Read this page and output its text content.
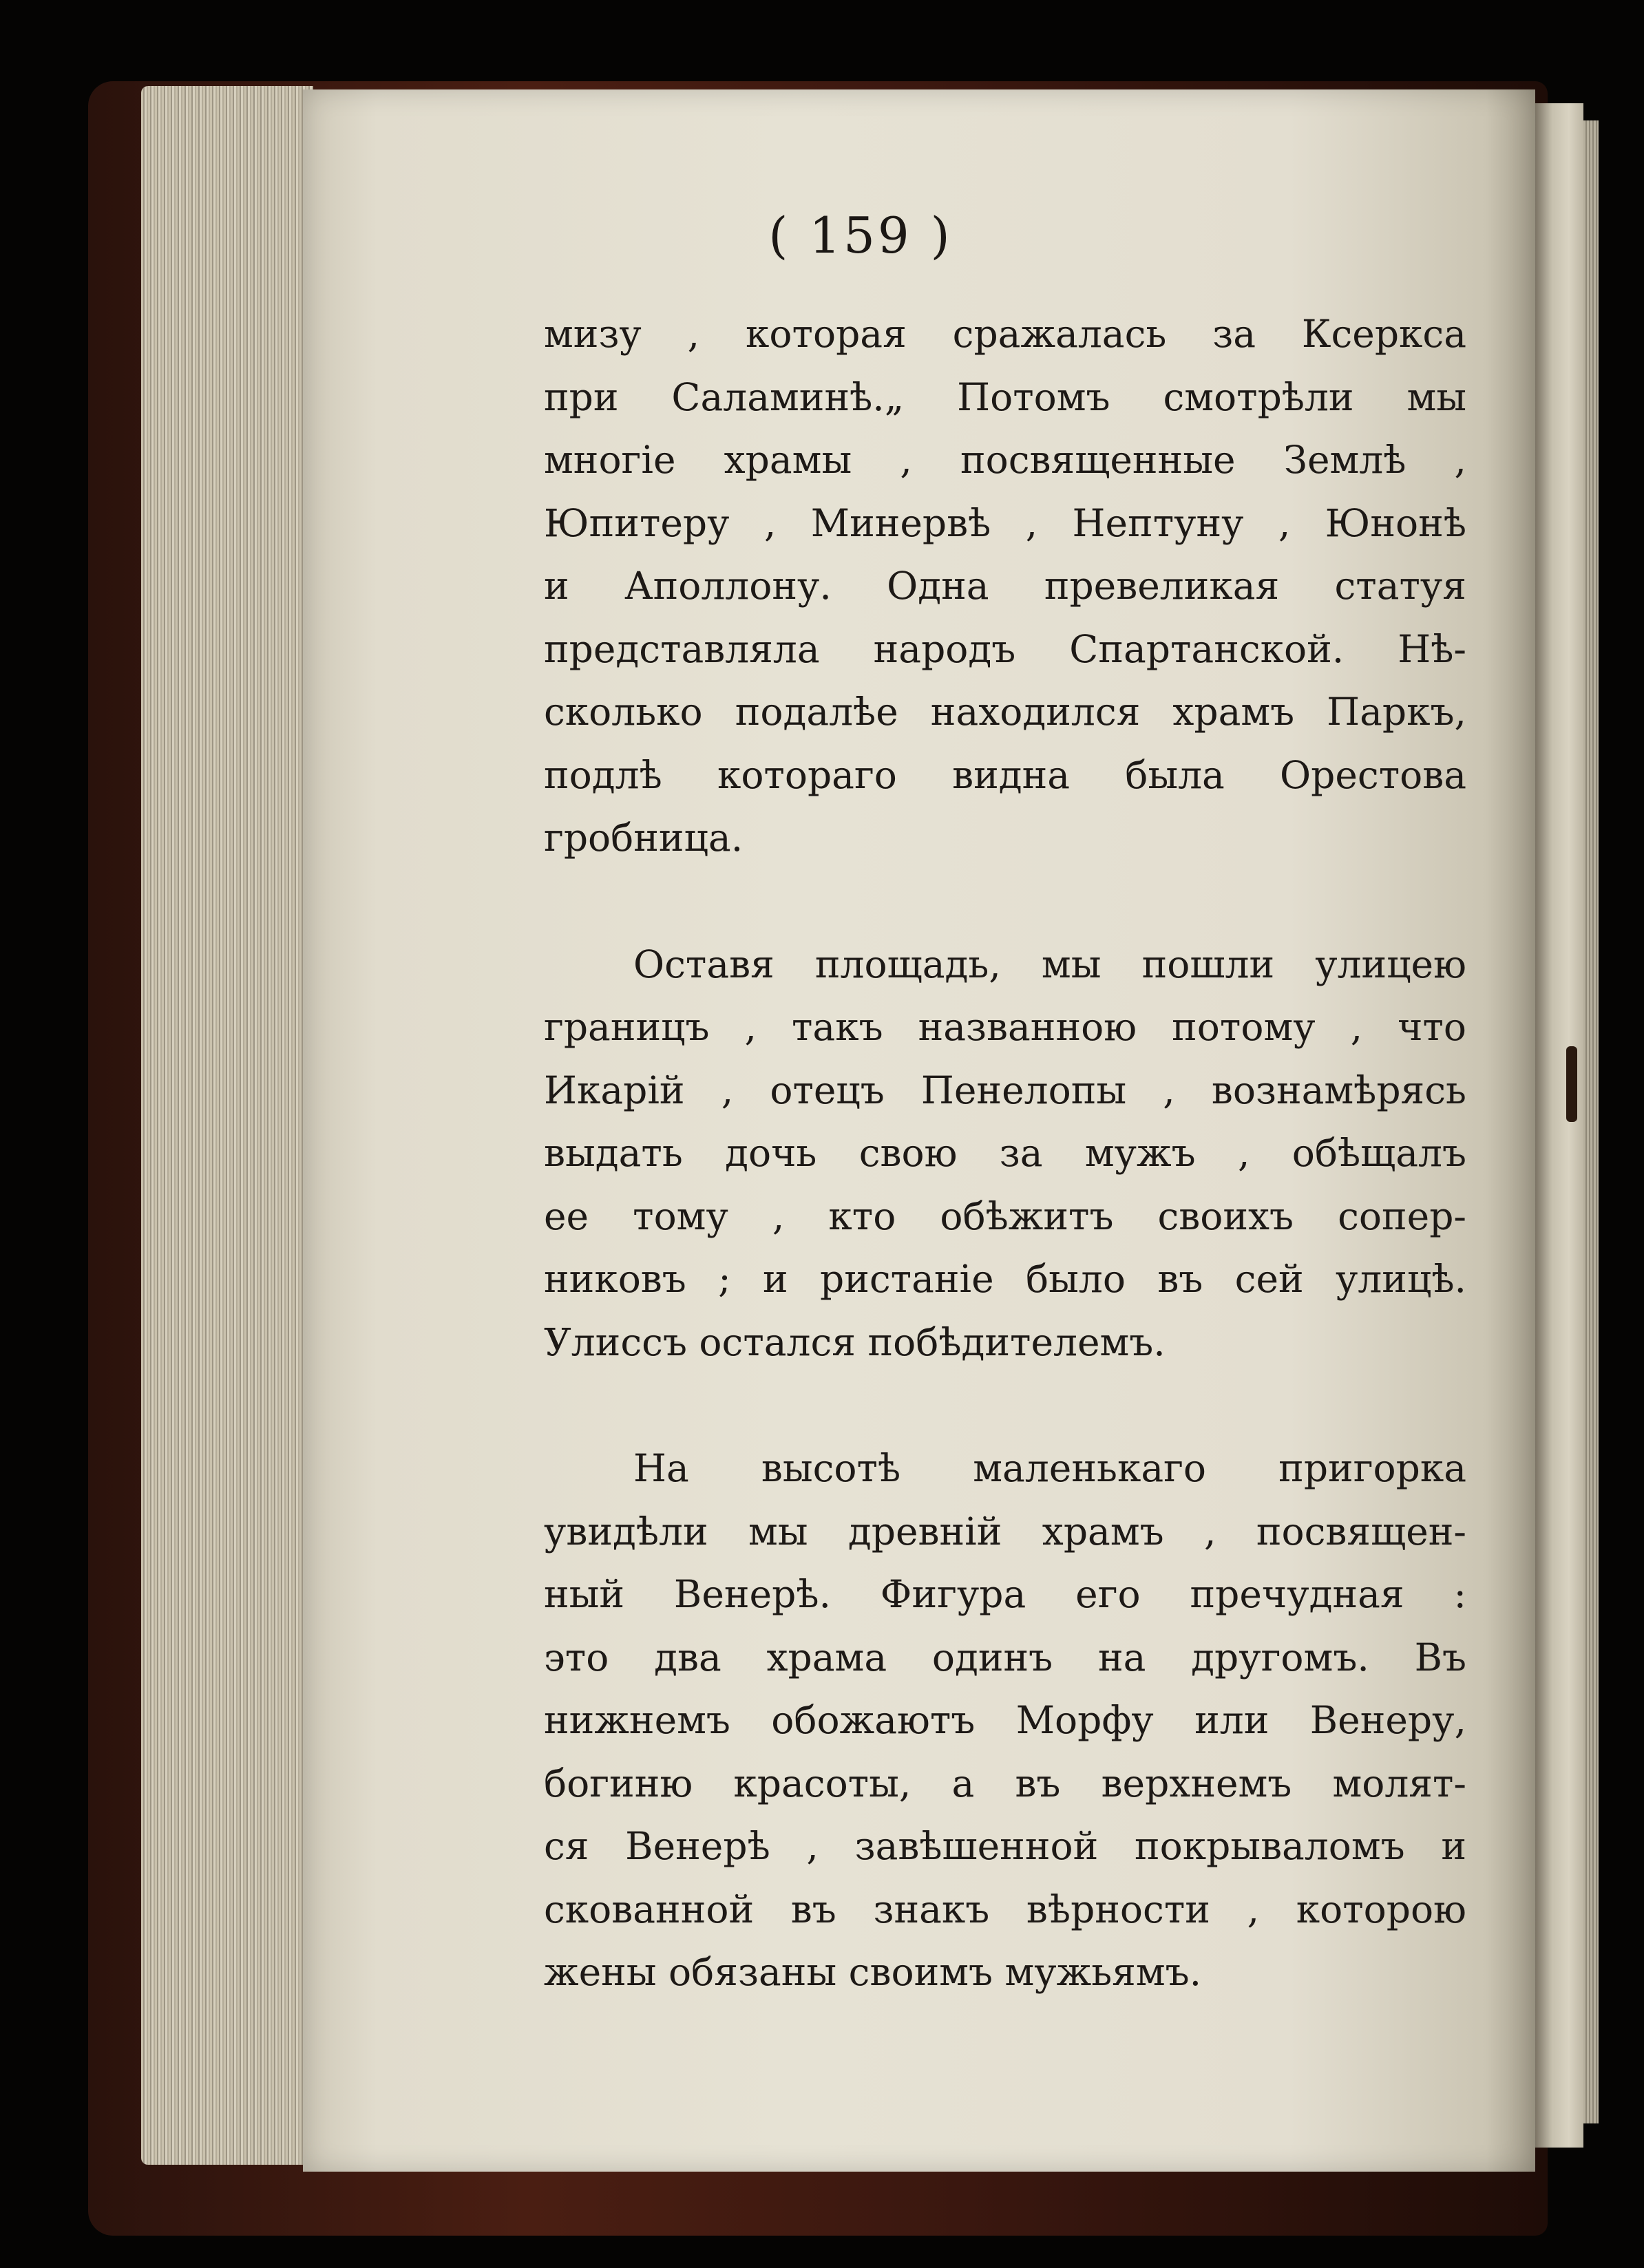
( 159 )
мизу , которая сражалась за Ксеркса
при Саламинѣ.„ Потомъ смотрѣли мы
многіе храмы , посвященные Землѣ ,
Юпитеру , Минервѣ , Нептуну , Юнонѣ
и Аполлону. Одна превеликая статуя
представляла народъ Спартанской. Нѣ-
сколько подалѣе находился храмъ Паркъ,
подлѣ котораго видна была Орестова
гробница.
Оставя площадь, мы пошли улицею
границъ , такъ названною потому , что
Икарій , отецъ Пенелопы , вознамѣрясь
выдать дочь свою за мужъ , обѣщалъ
ее тому , кто обѣжитъ своихъ сопер-
никовъ ; и ристаніе было въ сей улицѣ.
Улиссъ остался побѣдителемъ.
На высотѣ маленькаго пригорка
увидѣли мы древній храмъ , посвящен-
ный Венерѣ. Фигура его пречудная :
это два храма одинъ на другомъ. Въ
нижнемъ обожаютъ Морфу или Венеру,
богиню красоты, а въ верхнемъ молят-
ся Венерѣ , завѣшенной покрываломъ и
скованной въ знакъ вѣрности , которою
жены обязаны своимъ мужьямъ.
